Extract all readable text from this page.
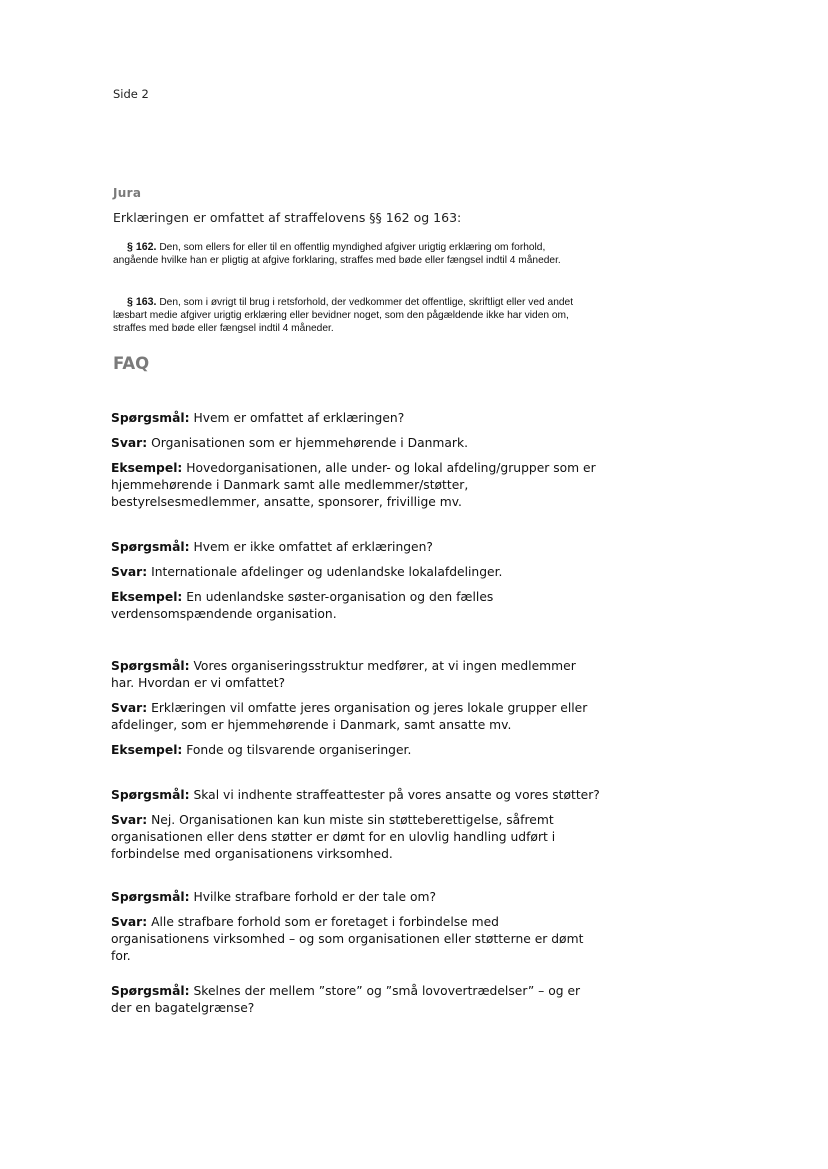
Side 2
Jura
Erklæringen er omfattet af straffelovens §§ 162 og 163:

§ 162. Den, som ellers for eller til en offentlig myndighed afgiver urigtig erklæring om forhold, angående hvilke han er pligtig at afgive forklaring, straffes med bøde eller fængsel indtil 4 måneder.

§ 163. Den, som i øvrigt til brug i retsforhold, der vedkommer det offentlige, skriftligt eller ved andet læsbart medie afgiver urigtig erklæring eller bevidner noget, som den pågældende ikke har viden om, straffes med bøde eller fængsel indtil 4 måneder.

FAQ

Spørgsmål: Hvem er omfattet af erklæringen?

Svar: Organisationen som er hjemmehørende i Danmark.

Eksempel: Hovedorganisationen, alle under- og lokal afdeling/grupper som er hjemmehørende i Danmark samt alle medlemmer/støtter, bestyrelsesmedlemmer, ansatte, sponsorer, frivillige mv.

Spørgsmål: Hvem er ikke omfattet af erklæringen?

Svar: Internationale afdelinger og udenlandske lokalafdelinger.

Eksempel: En udenlandske søster-organisation og den fælles verdensomspændende organisation.

Spørgsmål: Vores organiseringsstruktur medfører, at vi ingen medlemmer har. Hvordan er vi omfattet?

Svar: Erklæringen vil omfatte jeres organisation og jeres lokale grupper eller afdelinger, som er hjemmehørende i Danmark, samt ansatte mv.

Eksempel: Fonde og tilsvarende organiseringer.

Spørgsmål: Skal vi indhente straffeattester på vores ansatte og vores støtter?

Svar: Nej. Organisationen kan kun miste sin støtteberettigelse, såfremt organisationen eller dens støtter er dømt for en ulovlig handling udført i forbindelse med organisationens virksomhed.

Spørgsmål: Hvilke strafbare forhold er der tale om?

Svar: Alle strafbare forhold som er foretaget i forbindelse med organisationens virksomhed – og som organisationen eller støtterne er dømt for.

Spørgsmål: Skelnes der mellem ”store” og ”små lovovertrædelser” – og er der en bagatelgrænse?
